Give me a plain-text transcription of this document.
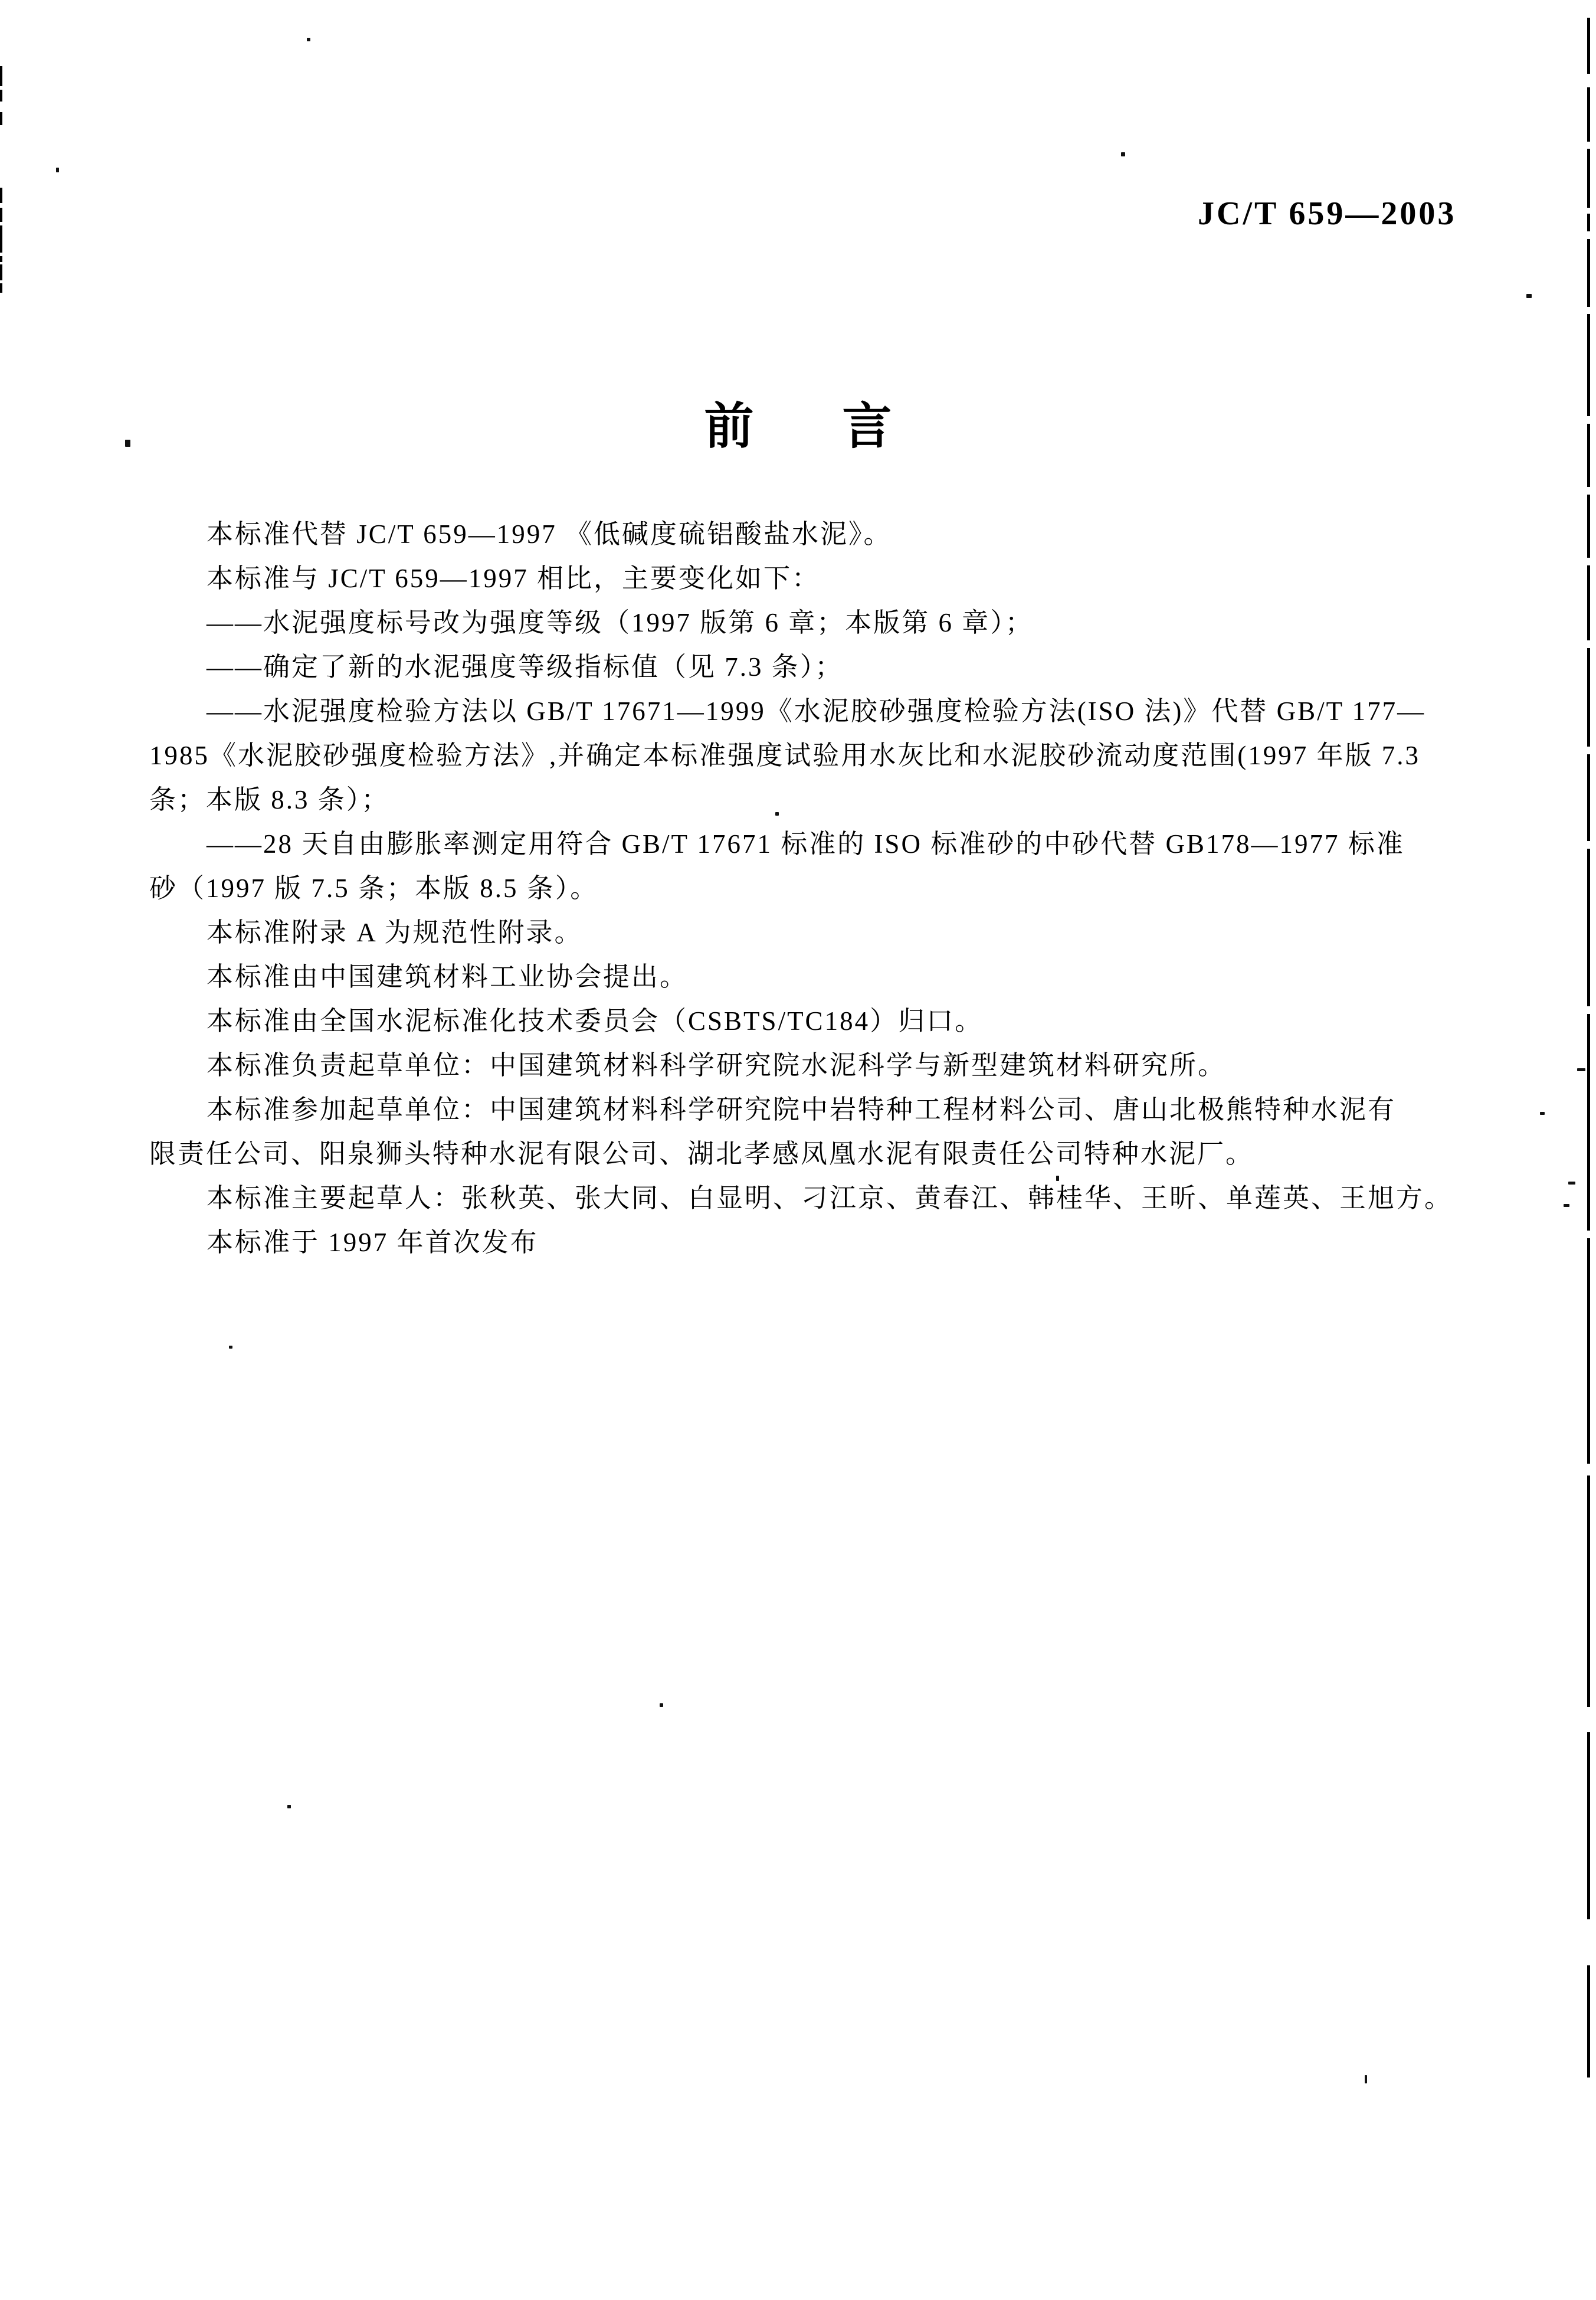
JC/T 659—2003
前 言
本标准代替 JC/T 659—1997 《低碱度硫铝酸盐水泥》。
本标准与 JC/T 659—1997 相比，主要变化如下：
——水泥强度标号改为强度等级（1997 版第 6 章；本版第 6 章）；
——确定了新的水泥强度等级指标值（见 7.3 条）；
——水泥强度检验方法以 GB/T 17671—1999《水泥胶砂强度检验方法(ISO 法)》代替 GB/T 177—
1985《水泥胶砂强度检验方法》,并确定本标准强度试验用水灰比和水泥胶砂流动度范围(1997 年版 7.3
条；本版 8.3 条）；
——28 天自由膨胀率测定用符合 GB/T 17671 标准的 ISO 标准砂的中砂代替 GB178—1977 标准
砂（1997 版 7.5 条；本版 8.5 条）。
本标准附录 A 为规范性附录。
本标准由中国建筑材料工业协会提出。
本标准由全国水泥标准化技术委员会（CSBTS/TC184）归口。
本标准负责起草单位：中国建筑材料科学研究院水泥科学与新型建筑材料研究所。
本标准参加起草单位：中国建筑材料科学研究院中岩特种工程材料公司、唐山北极熊特种水泥有
限责任公司、阳泉狮头特种水泥有限公司、湖北孝感凤凰水泥有限责任公司特种水泥厂。
本标准主要起草人：张秋英、张大同、白显明、刁江京、黄春江、韩桂华、王昕、单莲英、王旭方。
本标准于 1997 年首次发布
